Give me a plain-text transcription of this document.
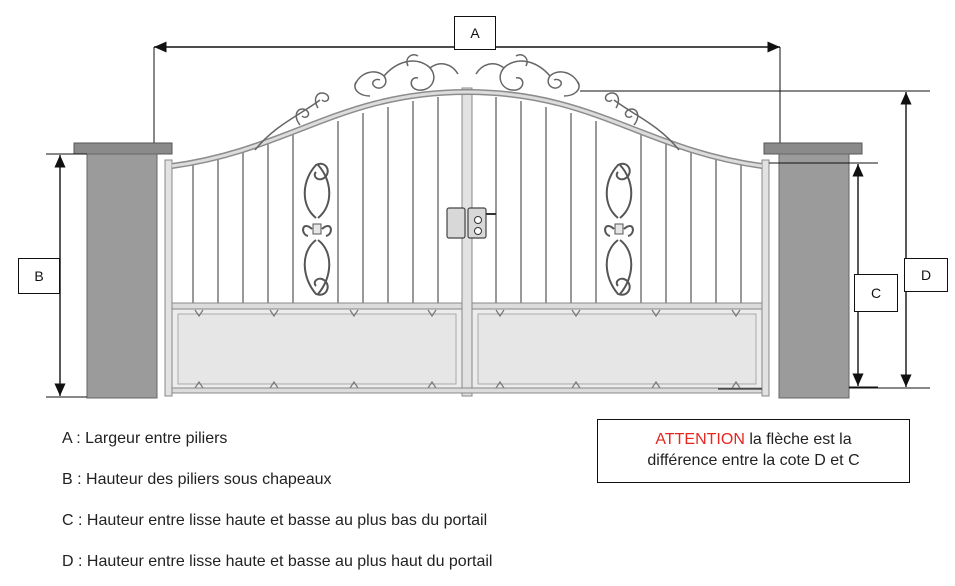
A
B
C
D
A : Largeur entre piliers
B : Hauteur des piliers sous chapeaux
C : Hauteur entre lisse haute et basse au plus bas du portail
D : Hauteur entre lisse haute et basse au plus haut du portail
ATTENTION la flèche est la
différence entre la cote D et C
